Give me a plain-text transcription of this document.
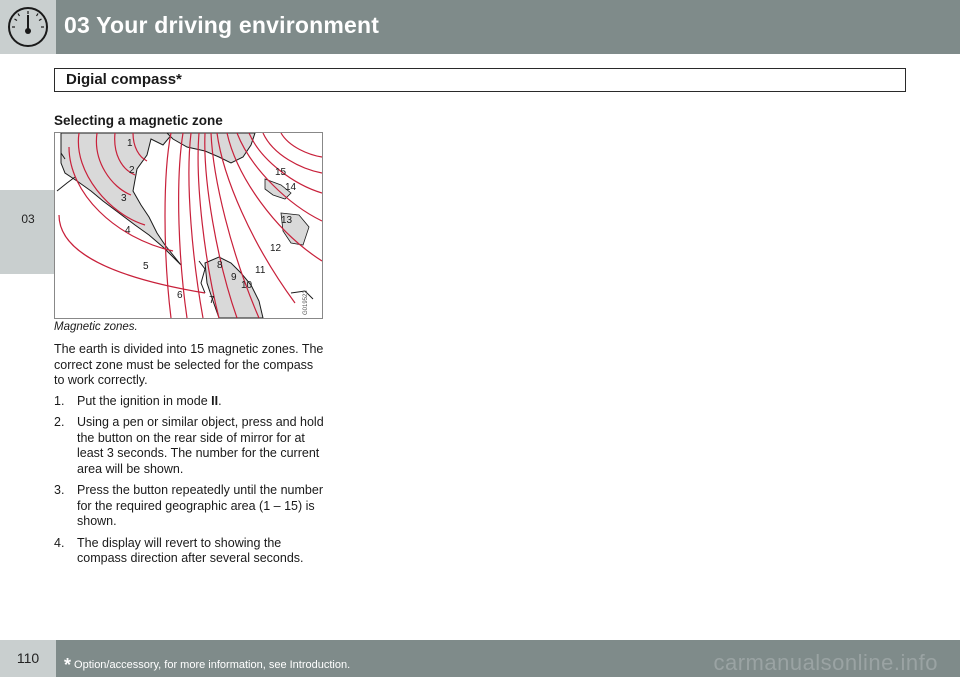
03 Your driving environment
03
Digial compass*
Selecting a magnetic zone
1
2
3
4
5
6	7
8
9
10
11
12
13
14
15
G019522
Magnetic zones.

The earth is divided into 15 magnetic zones. The correct zone must be selected for the compass to work correctly.

1. Put the ignition in mode II.
2. Using a pen or similar object, press and hold the button on the rear side of mirror for at least 3 seconds. The number for the current area will be shown.
3. Press the button repeatedly until the number for the required geographic area (1 – 15) is shown.
4. The display will revert to showing the compass direction after several seconds.
110	* Option/accessory, for more information, see Introduction.	carmanualsonline.info
